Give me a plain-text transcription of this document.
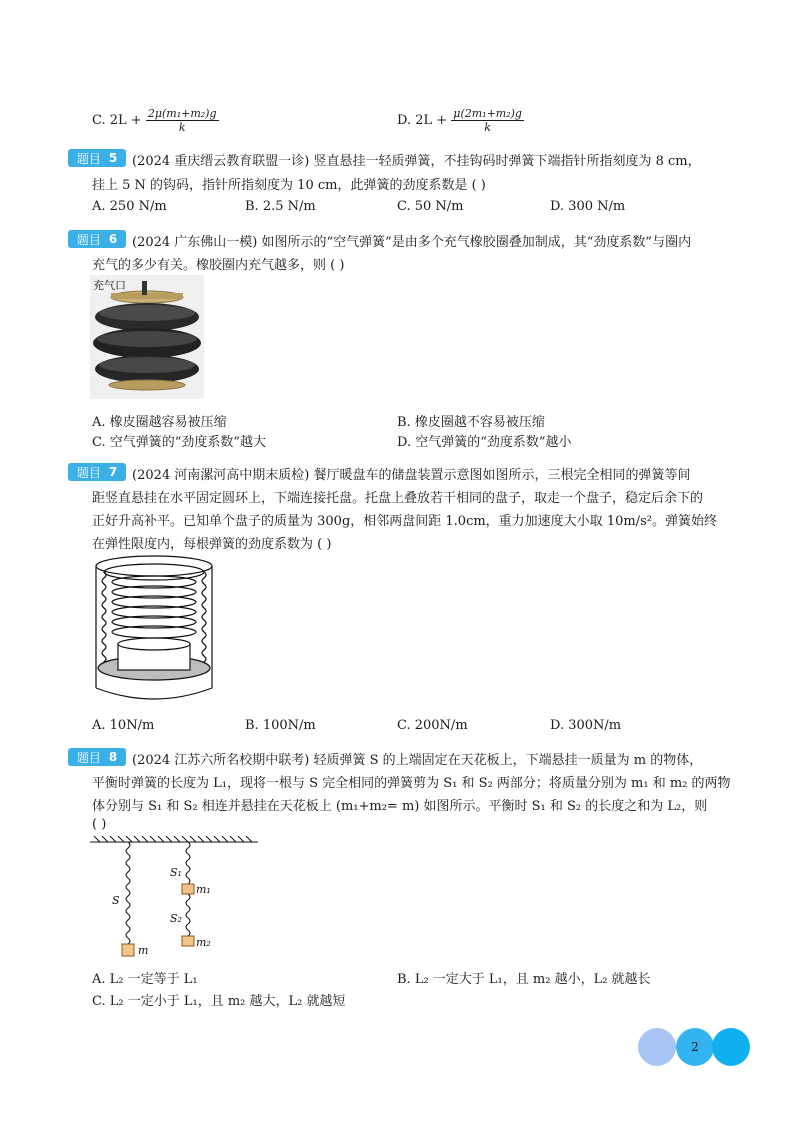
C. $2L + \frac{\text{2μ(m₁+m₂)g}}{k}$	D. $2L + \frac{\text{μ(2m₁+m₂)g}}{k}$
题目 5 (2024 重庆缙云教育联盟一诊) 竖直悬挂一轻质弹簧，不挂钩码时弹簧下端指针所指刻度为 8 cm，
挂上 5 N 的钩码，指针所指刻度为 10 cm，此弹簧的劲度系数是 ( )
A. 250 N/m	B. 2.5 N/m	C. 50 N/m	D. 300 N/m
题目 6 (2024 广东佛山一模) 如图所示的“空气弹簧”是由多个充气橡胶圈叠加制成，其“劲度系数”与圈内
充气的多少有关。橡胶圈内充气越多，则 ( )
充气口
A. 橡皮圈越容易被压缩	B. 橡皮圈越不容易被压缩
C. 空气弹簧的“劲度系数”越大	D. 空气弹簧的“劲度系数”越小
题目 7 (2024 河南漯河高中期末质检) 餐厅暖盘车的储盘装置示意图如图所示，三根完全相同的弹簧等间
距竖直悬挂在水平固定圆环上，下端连接托盘。托盘上叠放若干相同的盘子，取走一个盘子，稳定后余下的
正好升高补平。已知单个盘子的质量为 300g，相邻两盘间距 1.0cm，重力加速度大小取 10m/s²。弹簧始终
在弹性限度内，每根弹簧的劲度系数为 ( )
A. 10N/m	B. 100N/m	C. 200N/m	D. 300N/m
题目 8 (2024 江苏六所名校期中联考) 轻质弹簧 S 的上端固定在天花板上，下端悬挂一质量为 m 的物体，
平衡时弹簧的长度为 L₁，现将一根与 S 完全相同的弹簧剪为 S₁ 和 S₂ 两部分；将质量分别为 m₁ 和 m₂ 的两物
体分别与 S₁ 和 S₂ 相连并悬挂在天花板上 (m₁+m₂= m) 如图所示。平衡时 S₁ 和 S₂ 的长度之和为 L₂，则
( )
S
m
S₁
m₁
S₂
m₂
A. L₂ 一定等于 L₁	B. L₂ 一定大于 L₁，且 m₂ 越小，L₂ 就越长
C. L₂ 一定小于 L₁，且 m₂ 越大，L₂ 就越短
2
